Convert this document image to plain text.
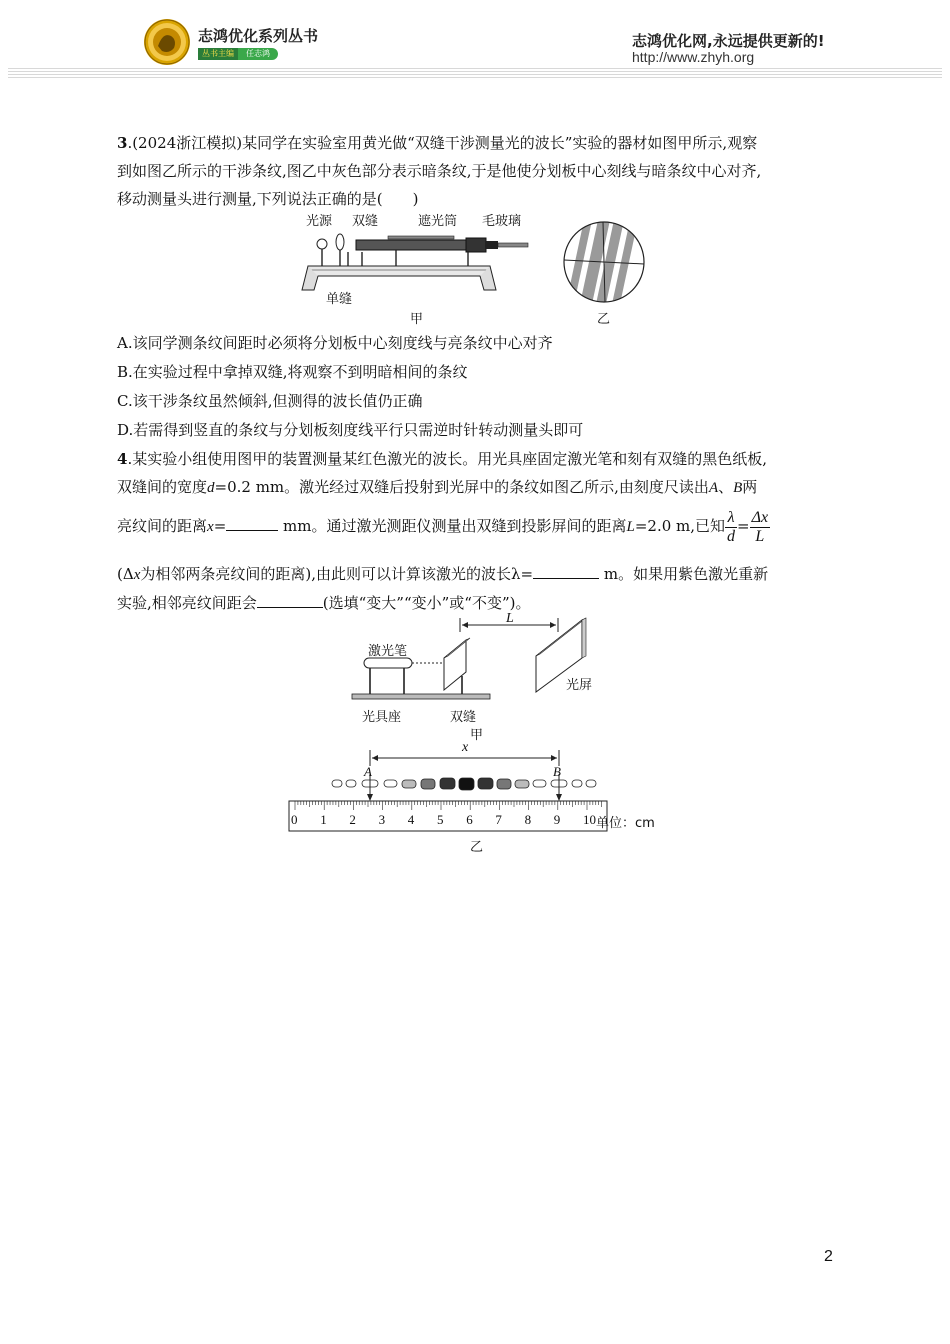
志鸿优化系列丛书
丛书主编	任志鸿
志鸿优化网,永远提供更新的!
http://www.zhyh.org
3.(2024浙江模拟)某同学在实验室用黄光做“双缝干涉测量光的波长”实验的器材如图甲所示,观察
到如图乙所示的干涉条纹,图乙中灰色部分表示暗条纹,于是他使分划板中心刻线与暗条纹中心对齐,
移动测量头进行测量,下列说法正确的是(　　)
光源 双缝	遮光筒 毛玻璃
单缝
甲	乙
A.该同学测条纹间距时必须将分划板中心刻度线与亮条纹中心对齐
B.在实验过程中拿掉双缝,将观察不到明暗相间的条纹
C.该干涉条纹虽然倾斜,但测得的波长值仍正确
D.若需得到竖直的条纹与分划板刻度线平行只需逆时针转动测量头即可
4.某实验小组使用图甲的装置测量某红色激光的波长。用光具座固定激光笔和刻有双缝的黑色纸板,
双缝间的宽度d=0.2 mm。激光经过双缝后投射到光屏中的条纹如图乙所示,由刻度尺读出A、B两
亮纹间的距离x=	mm。通过激光测距仪测量出双缝到投影屏间的距离L=2.0 m,已知 $\frac{\lambda}{d} = \frac{\Delta x}{L}$
(Δx为相邻两条亮纹间的距离),由此则可以计算该激光的波长λ=	m。如果用紫色激光重新
实验,相邻亮纹间距会	(选填“变大”“变小”或“不变”)。
L
激光笔
光屏
光具座	双缝
甲
0 1 2 3 4 5 6 7 8 9 10
x
A	B
单位：cm
乙
2
